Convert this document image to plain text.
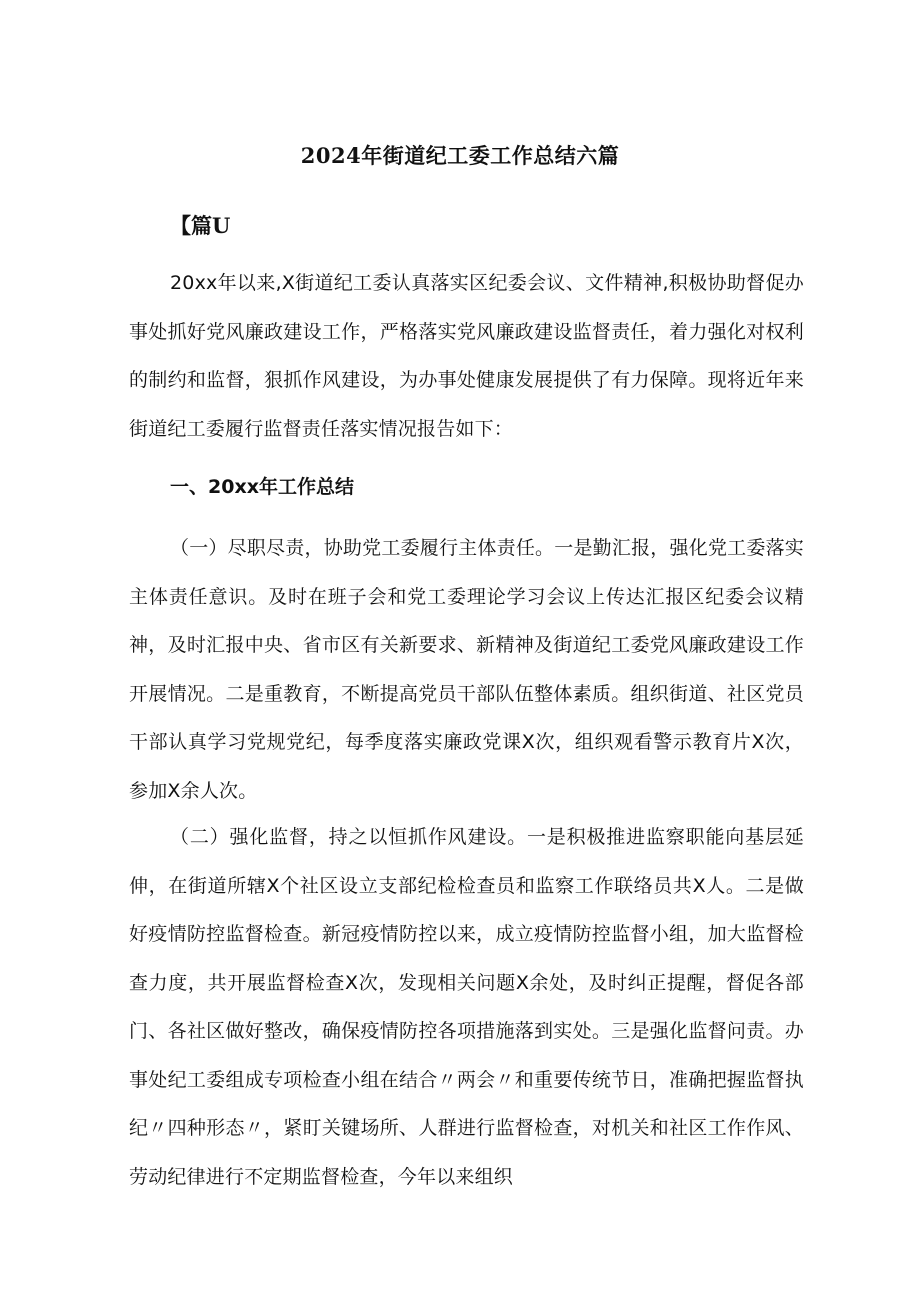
2024年街道纪工委工作总结六篇
【篇U

20xx年以来,X街道纪工委认真落实区纪委会议、文件精神,积极协助督促办事处抓好党风廉政建设工作，严格落实党风廉政建设监督责任，着力强化对权利的制约和监督，狠抓作风建设，为办事处健康发展提供了有力保障。现将近年来街道纪工委履行监督责任落实情况报告如下：

一、20xx年工作总结

（一）尽职尽责，协助党工委履行主体责任。一是勤汇报，强化党工委落实主体责任意识。及时在班子会和党工委理论学习会议上传达汇报区纪委会议精神，及时汇报中央、省市区有关新要求、新精神及街道纪工委党风廉政建设工作开展情况。二是重教育，不断提高党员干部队伍整体素质。组织街道、社区党员干部认真学习党规党纪，每季度落实廉政党课X次，组织观看警示教育片X次，参加X余人次。

（二）强化监督，持之以恒抓作风建设。一是积极推进监察职能向基层延伸，在街道所辖X个社区设立支部纪检检查员和监察工作联络员共X人。二是做好疫情防控监督检查。新冠疫情防控以来，成立疫情防控监督小组，加大监督检查力度，共开展监督检查X次，发现相关问题X余处，及时纠正提醒，督促各部门、各社区做好整改，确保疫情防控各项措施落到实处。三是强化监督问责。办事处纪工委组成专项检查小组在结合〃两会〃和重要传统节日，准确把握监督执纪〃四种形态〃，紧盯关键场所、人群进行监督检查，对机关和社区工作作风、劳动纪律进行不定期监督检查，今年以来组织
